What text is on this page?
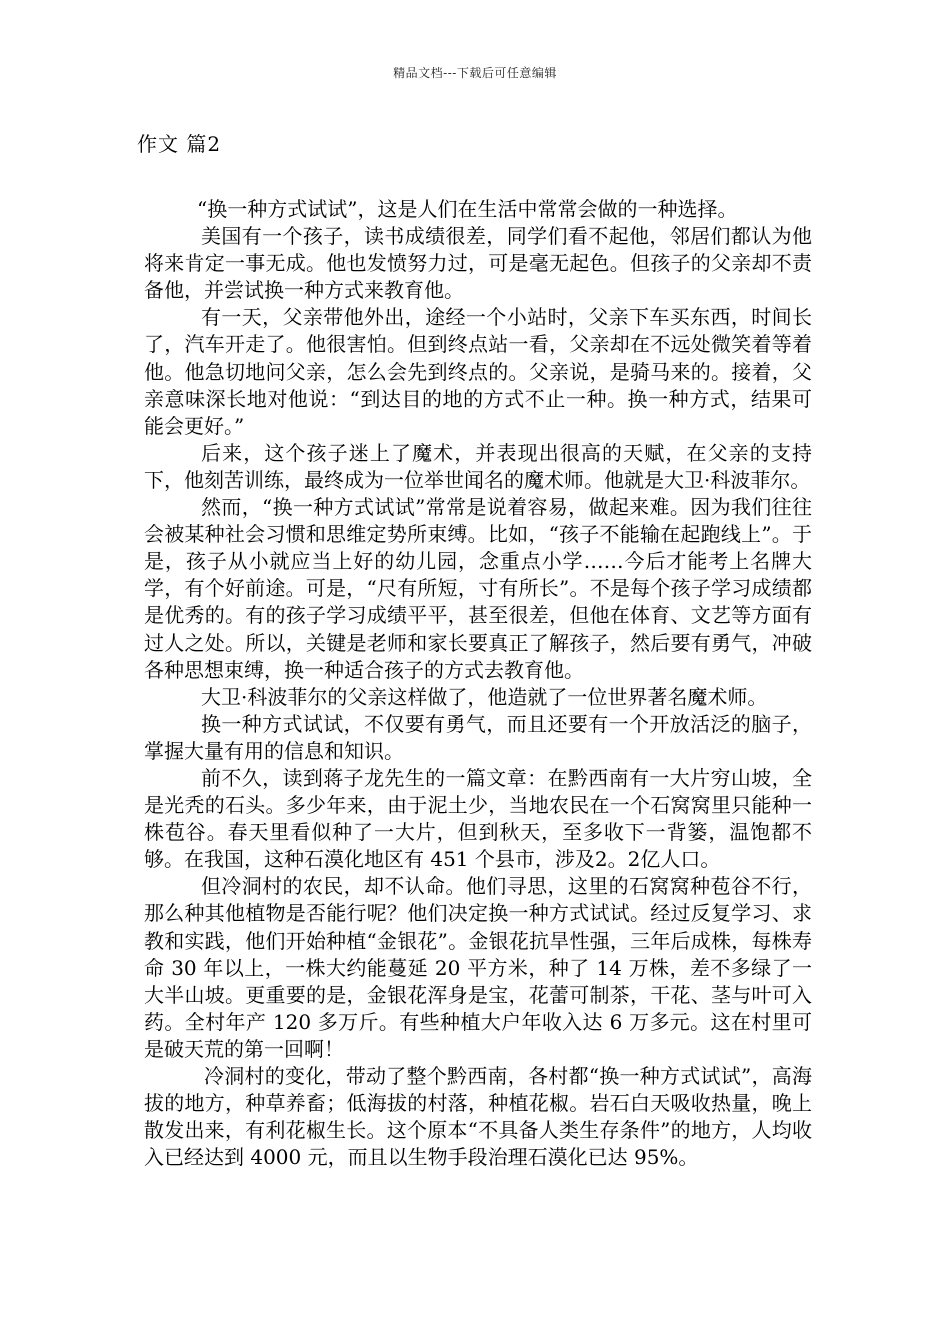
精品文档---下载后可任意编辑
作文 篇2

“换一种方式试试”，这是人们在生活中常常会做的一种选择。

美国有一个孩子，读书成绩很差，同学们看不起他，邻居们都认为他将来肯定一事无成。他也发愤努力过，可是毫无起色。但孩子的父亲却不责备他，并尝试换一种方式来教育他。

有一天，父亲带他外出，途经一个小站时，父亲下车买东西，时间长了，汽车开走了。他很害怕。但到终点站一看，父亲却在不远处微笑着等着他。他急切地问父亲，怎么会先到终点的。父亲说，是骑马来的。接着，父亲意味深长地对他说：“到达目的地的方式不止一种。换一种方式，结果可能会更好。”

后来，这个孩子迷上了魔术，并表现出很高的天赋，在父亲的支持下，他刻苦训练，最终成为一位举世闻名的魔术师。他就是大卫·科波菲尔。

然而，“换一种方式试试”常常是说着容易，做起来难。因为我们往往会被某种社会习惯和思维定势所束缚。比如，“孩子不能输在起跑线上”。于是，孩子从小就应当上好的幼儿园，念重点小学……今后才能考上名牌大学，有个好前途。可是，“尺有所短，寸有所长”。不是每个孩子学习成绩都是优秀的。有的孩子学习成绩平平，甚至很差，但他在体育、文艺等方面有过人之处。所以，关键是老师和家长要真正了解孩子，然后要有勇气，冲破各种思想束缚，换一种适合孩子的方式去教育他。

大卫·科波菲尔的父亲这样做了，他造就了一位世界著名魔术师。

换一种方式试试，不仅要有勇气，而且还要有一个开放活泛的脑子，掌握大量有用的信息和知识。

前不久，读到蒋子龙先生的一篇文章：在黔西南有一大片穷山坡，全是光秃的石头。多少年来，由于泥土少，当地农民在一个石窝窝里只能种一株苞谷。春天里看似种了一大片，但到秋天，至多收下一背篓，温饱都不够。在我国，这种石漠化地区有 451 个县市，涉及2。2亿人口。

但冷洞村的农民，却不认命。他们寻思，这里的石窝窝种苞谷不行，那么种其他植物是否能行呢？他们决定换一种方式试试。经过反复学习、求教和实践，他们开始种植“金银花”。金银花抗旱性强，三年后成株，每株寿命 30 年以上，一株大约能蔓延 20 平方米，种了 14 万株，差不多绿了一大半山坡。更重要的是，金银花浑身是宝，花蕾可制茶，干花、茎与叶可入药。全村年产 120 多万斤。有些种植大户年收入达 6 万多元。这在村里可是破天荒的第一回啊！

冷洞村的变化，带动了整个黔西南，各村都“换一种方式试试”，高海拔的地方，种草养畜；低海拔的村落，种植花椒。岩石白天吸收热量，晚上散发出来，有利花椒生长。这个原本“不具备人类生存条件”的地方，人均收入已经达到 4000 元，而且以生物手段治理石漠化已达 95%。
